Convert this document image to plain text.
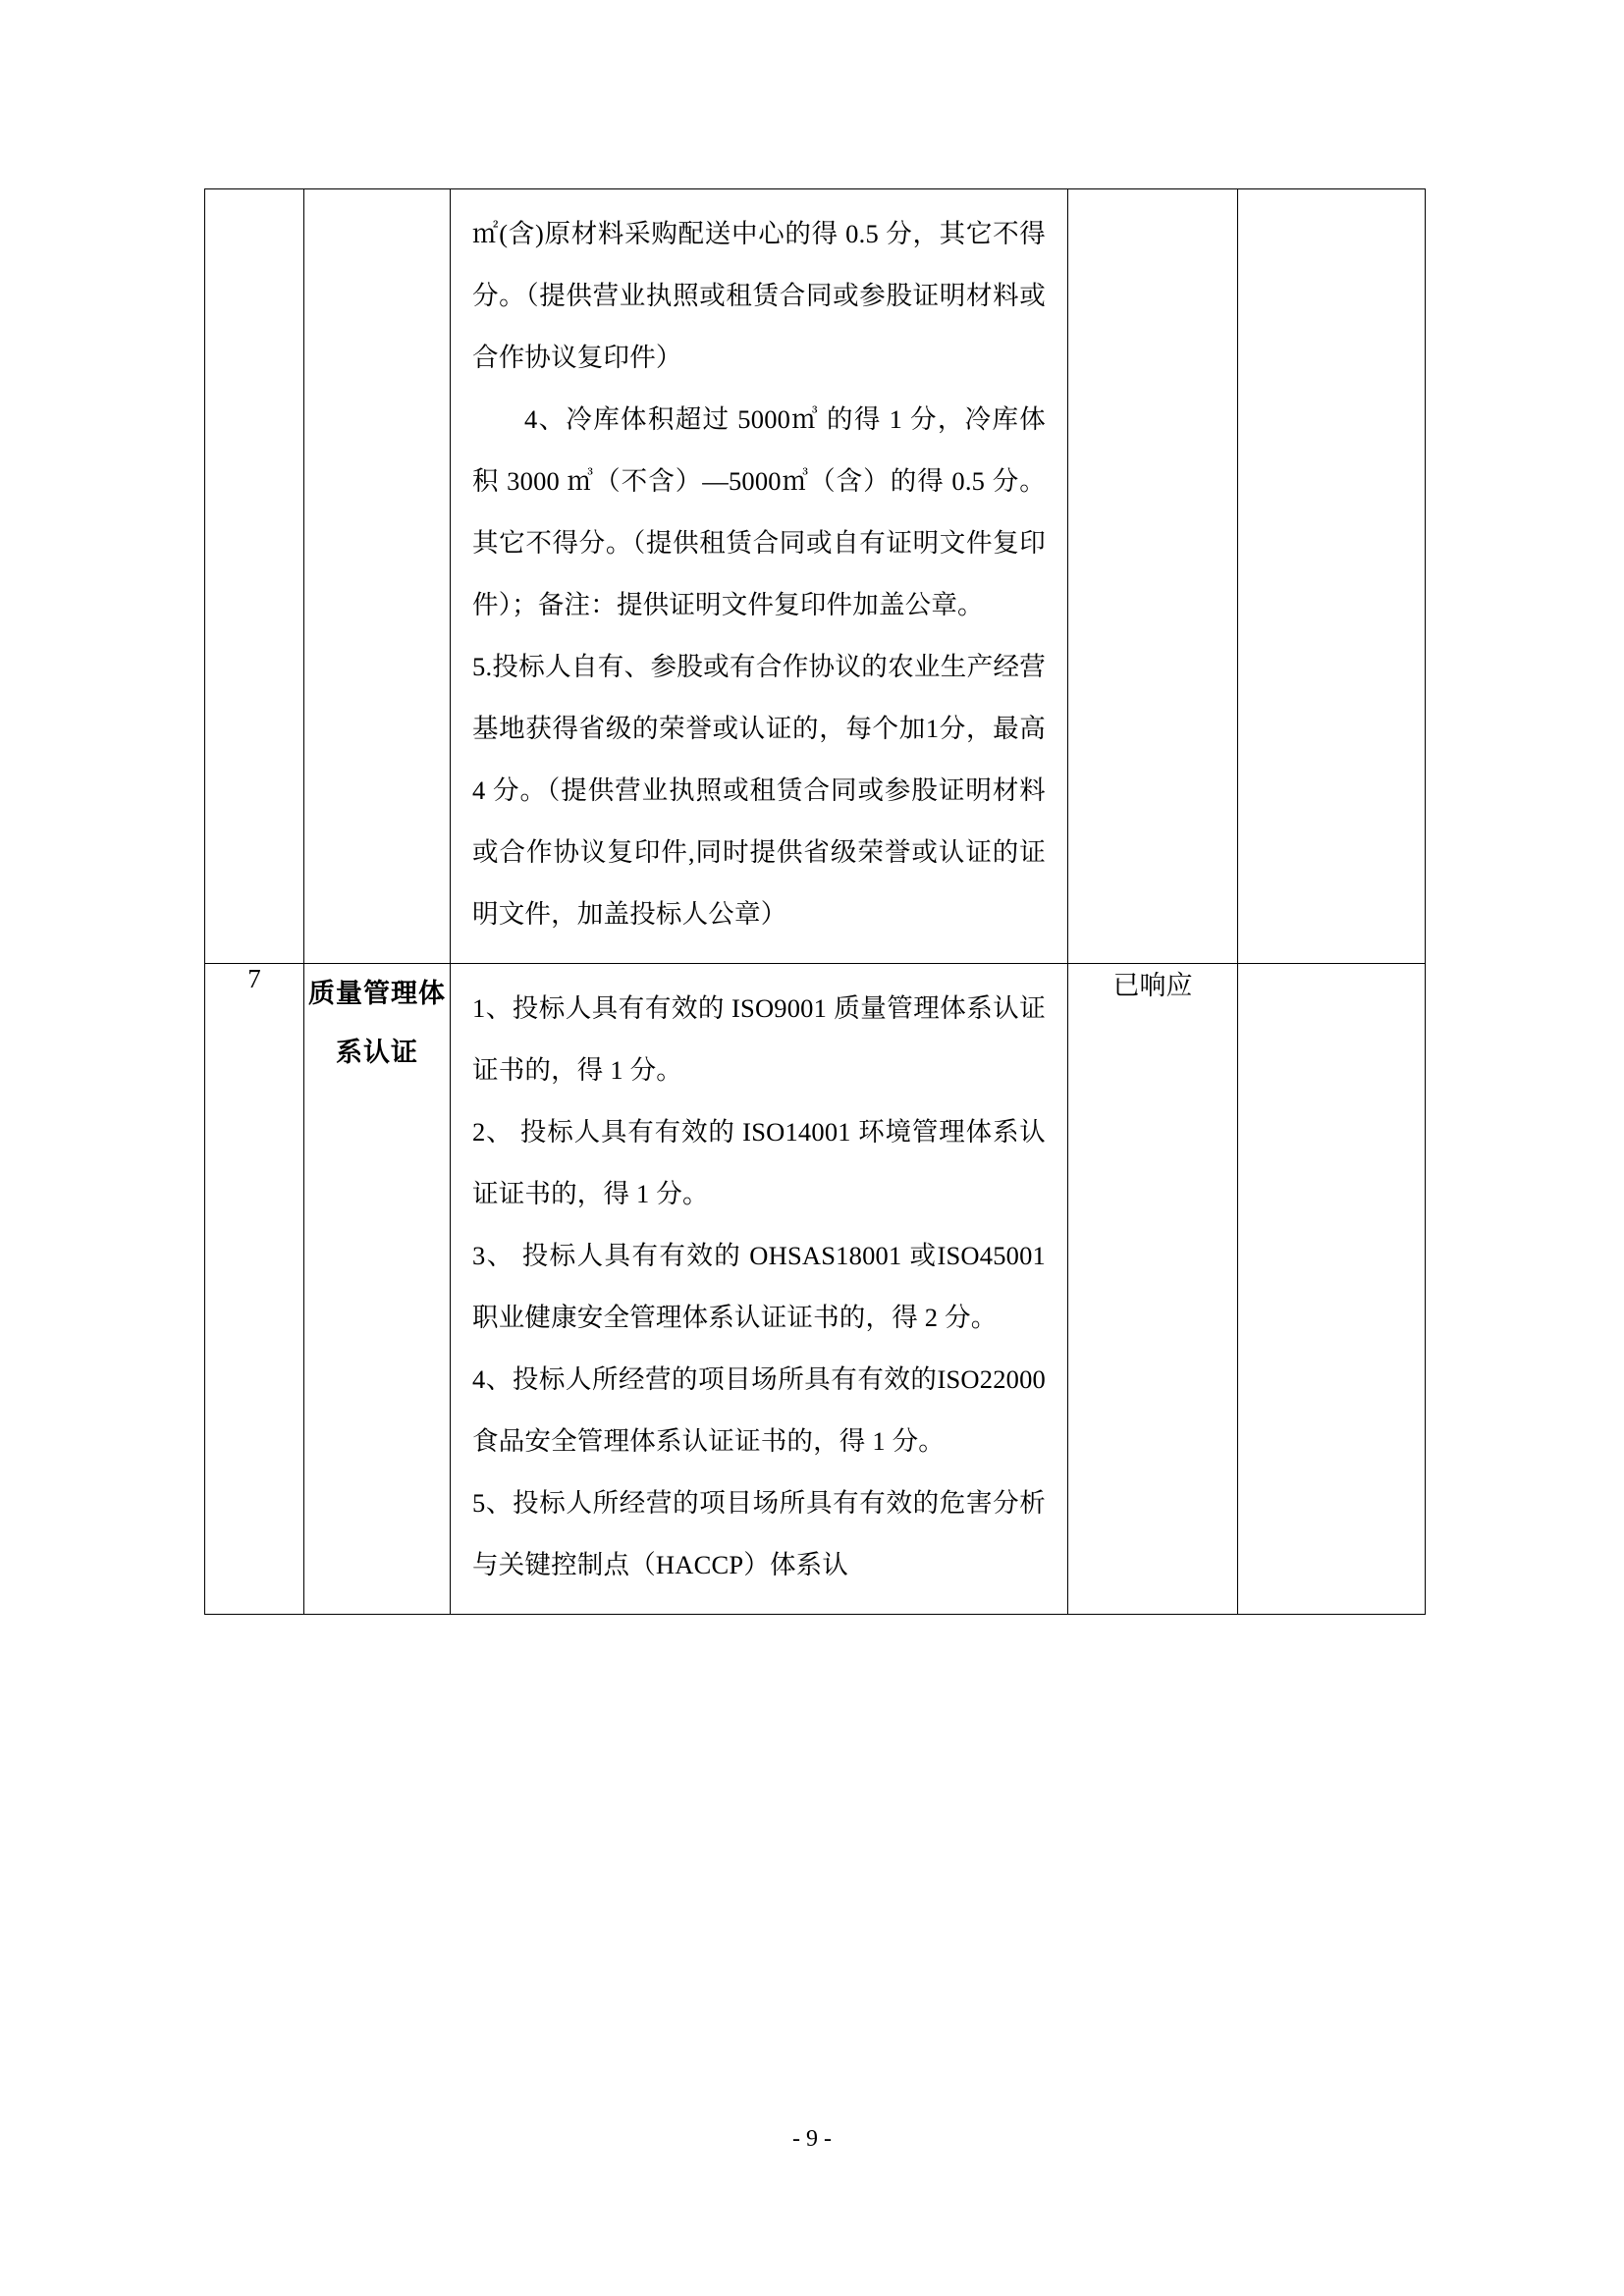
		㎡(含)原材料采购配送中心的得 0.5 分，其它不得分。（提供营业执照或租赁合同或参股证明材料或合作协议复印件）

4、冷库体积超过 5000㎥ 的得 1 分，冷库体积 3000 ㎥（不含）—5000㎥（含）的得 0.5 分。其它不得分。（提供租赁合同或自有证明文件复印件）；备注：提供证明文件复印件加盖公章。

5.投标人自有、参股或有合作协议的农业生产经营基地获得省级的荣誉或认证的，每个加1分，最高 4 分。（提供营业执照或租赁合同或参股证明材料或合作协议复印件,同时提供省级荣誉或认证的证明文件，加盖投标人公章）		

7	质量管理体系认证	1、投标人具有有效的 ISO9001 质量管理体系认证证书的，得 1 分。

2、 投标人具有有效的 ISO14001 环境管理体系认证证书的，得 1 分。

3、 投标人具有有效的 OHSAS18001 或ISO45001 职业健康安全管理体系认证证书的，得 2 分。

4、投标人所经营的项目场所具有有效的ISO22000 食品安全管理体系认证证书的，得 1 分。

5、投标人所经营的项目场所具有有效的危害分析与关键控制点（HACCP）体系认	已响应	

- 9 -
